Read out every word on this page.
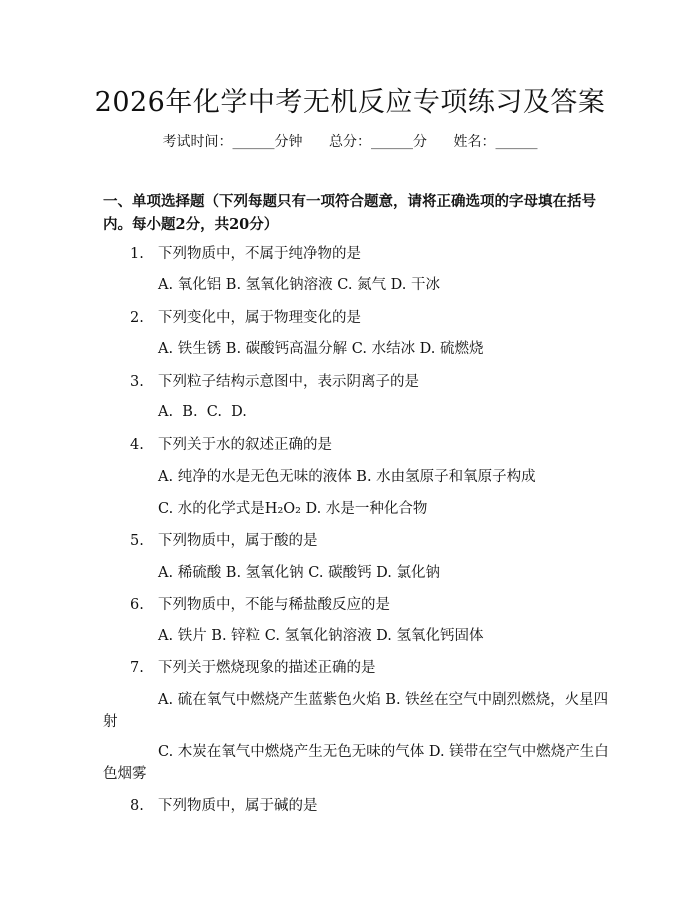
2026年化学中考无机反应专项练习及答案
考试时间：______分钟 总分：______分 姓名：______
一、单项选择题（下列每题只有一项符合题意，请将正确选项的字母填在括号内。每小题2分，共20分）
1. 下列物质中，不属于纯净物的是
A. 氧化铝 B. 氢氧化钠溶液 C. 氮气 D. 干冰
2. 下列变化中，属于物理变化的是
A. 铁生锈 B. 碳酸钙高温分解 C. 水结冰 D. 硫燃烧
3. 下列粒子结构示意图中，表示阴离子的是
A.  B.  C.  D.
4. 下列关于水的叙述正确的是
A. 纯净的水是无色无味的液体 B. 水由氢原子和氧原子构成
C. 水的化学式是H₂O₂ D. 水是一种化合物
5. 下列物质中，属于酸的是
A. 稀硫酸 B. 氢氧化钠 C. 碳酸钙 D. 氯化钠
6. 下列物质中，不能与稀盐酸反应的是
A. 铁片 B. 锌粒 C. 氢氧化钠溶液 D. 氢氧化钙固体
7. 下列关于燃烧现象的描述正确的是
A. 硫在氧气中燃烧产生蓝紫色火焰 B. 铁丝在空气中剧烈燃烧，火星四
射
C. 木炭在氧气中燃烧产生无色无味的气体 D. 镁带在空气中燃烧产生白
色烟雾
8. 下列物质中，属于碱的是
